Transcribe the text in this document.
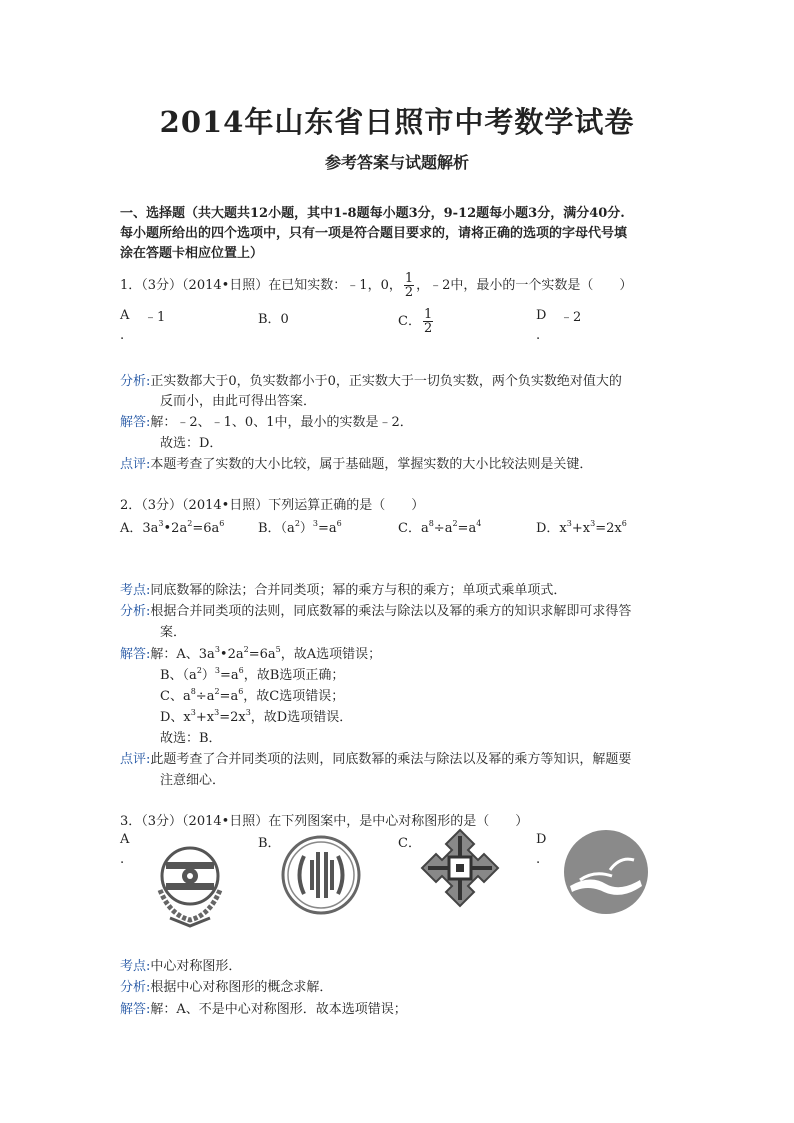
2014年山东省日照市中考数学试卷
参考答案与试题解析
一、选择题（共大题共12小题，其中1-8题每小题3分，9-12题每小题3分，满分40分.
每小题所给出的四个选项中，只有一项是符合题目要求的，请将正确的选项的字母代号填
涂在答题卡相应位置上）
1．（3分）（2014•日照）在已知实数：﹣1，0， $\frac{1}{2}$ ，﹣2中，最小的一个实数是（　　）
A
.
﹣1	B．0	C． $\frac{1}{2}$	D
.
﹣2
分析:正实数都大于0，负实数都小于0，正实数大于一切负实数，两个负实数绝对值大的
反而小，由此可得出答案．
解答:解：﹣2、﹣1、0、1中，最小的实数是﹣2．
故选：D．
点评:本题考查了实数的大小比较，属于基础题，掌握实数的大小比较法则是关键．
2．（3分）（2014•日照）下列运算正确的是（　　）
A．$3a^3•2a^2=6a^6$	B．$(a^2)^3=a^6$	C．$a^8\div a^2=a^4$	D．$x^3+x^3=2x^6$
考点:同底数幂的除法；合并同类项；幂的乘方与积的乘方；单项式乘单项式．
分析:根据合并同类项的法则，同底数幂的乘法与除法以及幂的乘方的知识求解即可求得答
案．
解答:解：A、$3a^3•2a^2=6a^5$，故A选项错误；
B、$(a^2)^3=a^6$，故B选项正确；
C、$a^8\div a^2=a^6$，故C选项错误；
D、$x^3+x^3=2x^3$，故D选项错误．
故选：B．
点评:此题考查了合并同类项的法则，同底数幂的乘法与除法以及幂的乘方等知识，解题要
注意细心．
3．（3分）（2014•日照）在下列图案中，是中心对称图形的是（　　）
A
.
B．	C．	D
.
考点:中心对称图形．
分析:根据中心对称图形的概念求解．
解答:解：A、不是中心对称图形．故本选项错误；
